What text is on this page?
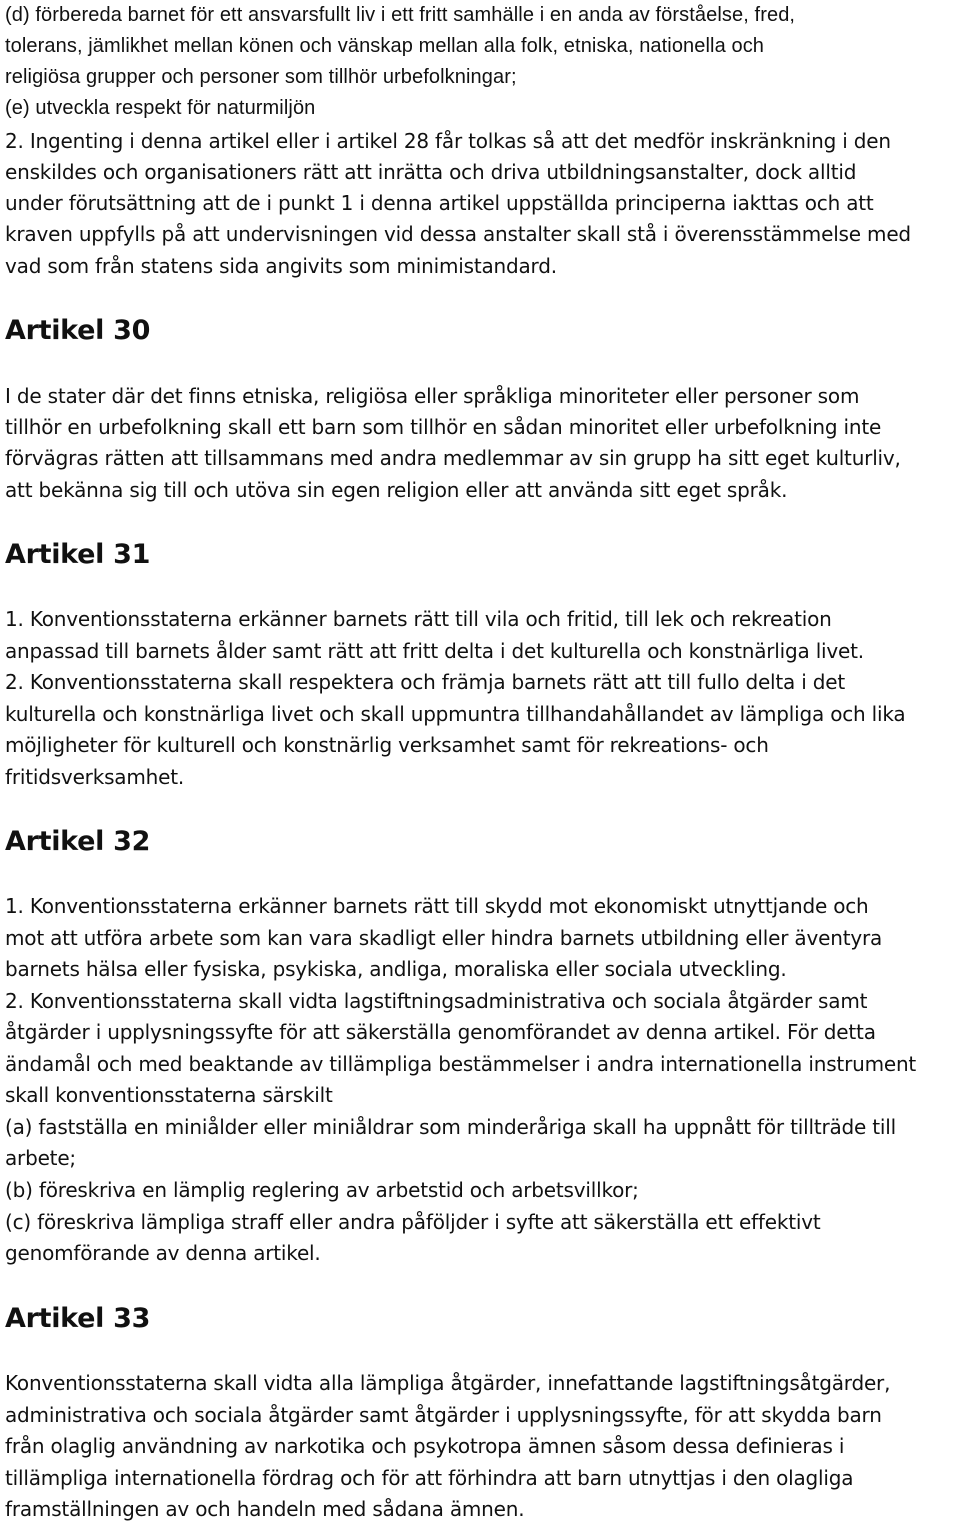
(d) förbereda barnet för ett ansvarsfullt liv i ett fritt samhälle i en anda av förståelse, fred,
tolerans, jämlikhet mellan könen och vänskap mellan alla folk, etniska, nationella och
religiösa grupper och personer som tillhör urbefolkningar;
(e) utveckla respekt för naturmiljön
2. Ingenting i denna artikel eller i artikel 28 får tolkas så att det medför inskränkning i den
enskildes och organisationers rätt att inrätta och driva utbildningsanstalter, dock alltid
under förutsättning att de i punkt 1 i denna artikel uppställda principerna iakttas och att
kraven uppfylls på att undervisningen vid dessa anstalter skall stå i överensstämmelse med
vad som från statens sida angivits som minimistandard.
Artikel 30
I de stater där det finns etniska, religiösa eller språkliga minoriteter eller personer som
tillhör en urbefolkning skall ett barn som tillhör en sådan minoritet eller urbefolkning inte
förvägras rätten att tillsammans med andra medlemmar av sin grupp ha sitt eget kulturliv,
att bekänna sig till och utöva sin egen religion eller att använda sitt eget språk.
Artikel 31
1. Konventionsstaterna erkänner barnets rätt till vila och fritid, till lek och rekreation
anpassad till barnets ålder samt rätt att fritt delta i det kulturella och konstnärliga livet.
2. Konventionsstaterna skall respektera och främja barnets rätt att till fullo delta i det
kulturella och konstnärliga livet och skall uppmuntra tillhandahållandet av lämpliga och lika
möjligheter för kulturell och konstnärlig verksamhet samt för rekreations- och
fritidsverksamhet.
Artikel 32
1. Konventionsstaterna erkänner barnets rätt till skydd mot ekonomiskt utnyttjande och
mot att utföra arbete som kan vara skadligt eller hindra barnets utbildning eller äventyra
barnets hälsa eller fysiska, psykiska, andliga, moraliska eller sociala utveckling.
2. Konventionsstaterna skall vidta lagstiftningsadministrativa och sociala åtgärder samt
åtgärder i upplysningssyfte för att säkerställa genomförandet av denna artikel. För detta
ändamål och med beaktande av tillämpliga bestämmelser i andra internationella instrument
skall konventionsstaterna särskilt
(a) fastställa en miniålder eller miniåldrar som minderåriga skall ha uppnått för tillträde till
arbete;
(b) föreskriva en lämplig reglering av arbetstid och arbetsvillkor;
(c) föreskriva lämpliga straff eller andra påföljder i syfte att säkerställa ett effektivt
genomförande av denna artikel.
Artikel 33
Konventionsstaterna skall vidta alla lämpliga åtgärder, innefattande lagstiftningsåtgärder,
administrativa och sociala åtgärder samt åtgärder i upplysningssyfte, för att skydda barn
från olaglig användning av narkotika och psykotropa ämnen såsom dessa definieras i
tillämpliga internationella fördrag och för att förhindra att barn utnyttjas i den olagliga
framställningen av och handeln med sådana ämnen.
